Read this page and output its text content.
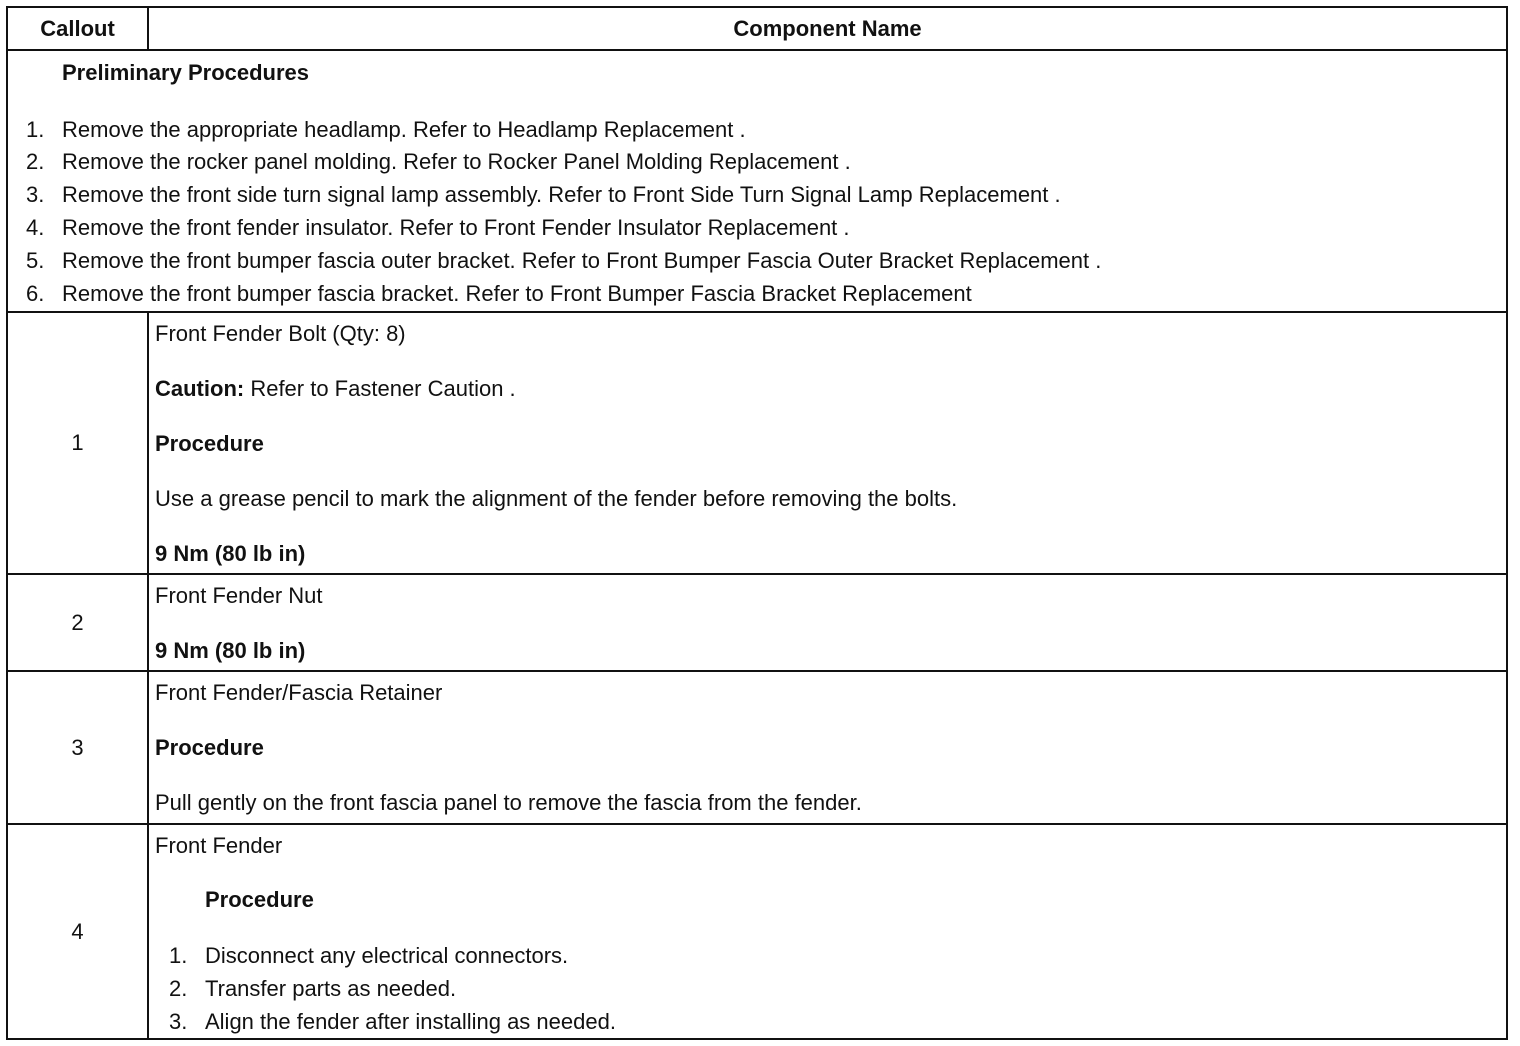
Callout	Component Name
Preliminary Procedures
1. Remove the appropriate headlamp. Refer to Headlamp Replacement .
2. Remove the rocker panel molding. Refer to Rocker Panel Molding Replacement .
3. Remove the front side turn signal lamp assembly. Refer to Front Side Turn Signal Lamp Replacement .
4. Remove the front fender insulator. Refer to Front Fender Insulator Replacement .
5. Remove the front bumper fascia outer bracket. Refer to Front Bumper Fascia Outer Bracket Replacement .
6. Remove the front bumper fascia bracket. Refer to Front Bumper Fascia Bracket Replacement
1
Front Fender Bolt (Qty: 8)
Caution: Refer to Fastener Caution .
Procedure
Use a grease pencil to mark the alignment of the fender before removing the bolts.
9 Nm (80 lb in)
2
Front Fender Nut
9 Nm (80 lb in)
3
Front Fender/Fascia Retainer
Procedure
Pull gently on the front fascia panel to remove the fascia from the fender.
4
Front Fender
Procedure
1. Disconnect any electrical connectors.
2. Transfer parts as needed.
3. Align the fender after installing as needed.
